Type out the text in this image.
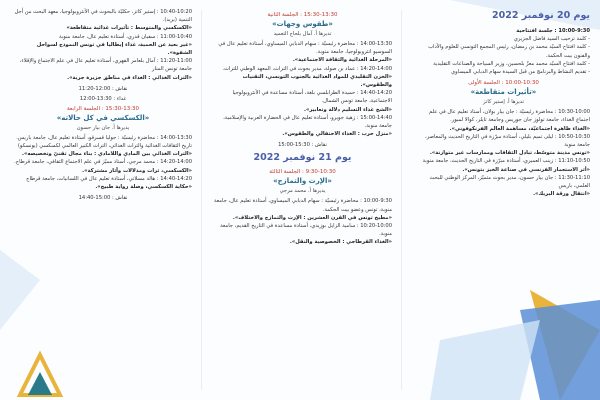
يوم 20 نوفمبر 2022

10:00-9:30 : جلسة افتتاحية

- كلمة ترحيب السيد فاضل الجزيري

- كلمة افتتاح السيّد محمد بن رمضان، رئيس المجمع التونسي للعلوم والآداب والفنون بيت الحكمة.

- كلمة افتتاح السيّد محمد معزّ بلحسين، وزير السياحة والصناعات التقليدية

- تقديم النشاط والبرنامج من قبل السيدة سهام الدبابي الميساوي

10:00-10:30 : الجلسة الأولى
«تأثيرات متقاطعة»
تديرها أ. إستير كاتز

10:30-10:00 : محاضرة رئيسيّة : جان بيار بولان، أستاذ تعليم عال في علم اجتماع الغذاء، جامعة تولوز جان جوريس وجامعة تايلر، كوالا لمبور.

«الغذاء ظاهرة اجتماعيّة، مساهمة العالم الفرنكوفوني».

10:50-10:30 : ليلى تميم بليلي، أستاذة مبرّزة في التاريخ الحديث والمعاصر، جامعة منوبة

«تونس مدينة متوسّط، تبادل الثقافات وممارسات غير متوازنة».

11:10-10:50 : زينب العميري، أستاذة مبرّزة في التاريخ الحديث، جامعة منوبة

«أثر الاستعمار الفرنسي في صناعة الخبز بتونس».

11:30-11:10 : جان بيار حسون، مدير بحوث متميّز، المركز الوطني للبحث العلمي، باريس

«انتقال ورقة البريك».

15:30-13:30 : الجلسة الثانية
«طقوس وجهات»
تديرها أ. آمال بلحاج التعميد

14:00-13:30 : محاضرة رئيسيّة : سهام الدبابي الميساوي، أستاذة تعليم عال في السوسيو انثروبولوجيا، جامعة منوبة.

«المرحلة الغذائية والثقافة الاجتماعية».

14:20-14:00 : عماد بن صولة، مدير بحوث في التراث، المعهد الوطني للتراث.

«الخزن التقليدي للمواد الغذائية بالجنوب التونسي، التقنيات والطقوس».

14:40-14:20 : حميدة الطرابلسي بلغة، أستاذة مساعدة في الأنثروبولوجيا الاجتماعية، جامعة تونس الشمال.

«الشخ غذاء التسليم دلالة وتعابير».

15:00-14:40 : زهية جويرو، أستاذة تعليم عال في الحضارة العربية والإسلامية، جامعة منوبة.

«منزل حرب : الغذاء الاحتفالي والطقوس».

نقاش : 15:30-15:00
يوم 21 نوفمبر 2022
9:30-10:30 : الجلسة الثالثة
«الإرث والتمازج»
يديرها أ. محمد مرجي

10:00-9:30 : محاضرة رئيسيّة : سهام الدبابي الميساوي، أستاذة تعليم عال، جامعة منوبة، تونس وعضو بيت الحكمة.

«مطبخ تونس في القرن العشرين : الإرث والتمازج والاختلاف».

10:20-10:00 : سامية الزايل بوزيدي، أستاذة مساعدة في التاريخ القديم، جامعة منوبة.

«الغذاء القرطاجي : الخصوصية والنقل».

10:40-10:20 : إستير كاتز، حكليّة بالبحوث في الأنثروبولوجيا، معهد البحث من أجل التنمية (بريد).

«الكسكسي والمتوسط : تأثيرات غذائية متقاطعة»

11:00-10:40 : سفيان قدري، أستاذة تعليم عال، جامعة منوبة

«غير بعيد عن الحمية، غذاء إيطاليا في تونس النموذج لسواحل الشفوة».

11:20-11:00 : آمال بلعامر الفهري، أستاذة تعليم عال في علم الاجتماع والإقلاء، جامعة تونس المنار

«التراث الغذائي : الغذاء في مناطق جزيرة جربة».

نقاش : 12:00-11:20
غداء : 13:30-12:00
15:30-13:30 : الجلسة الرابعة
«الكسكسي في كل حالاته»
يديرها أ. جان بيار حسون

14:00-13:30 : محاضرة رئيسيّة : جوليا قسرقو، أستاذة تعليم عال، جامعة باريس. تاريخ الثقافات الغذائية والتراث الغذائي، التراث الكبير العالمي لكسكسي (يونسكو)

«التراث الغذائي بين المادي واللامادي : بناء مجال تقنيّ وتخصيصه».

14:20-14:00 : محمد مرجي، أستاذ مميّز في علم الاجتماع الثقافي، جامعة قرطاج.

«الكسكسي، ثراث ومدلالات وآثار مشتركة».

14:40-14:20 : هالة مسلاتي، أستاذة تعليم عال في اللسانيات، جامعة قرطاج

«حكاية الكسكسي، وصلة رواية طبيخ».

نقاش : 15:00-14:40
